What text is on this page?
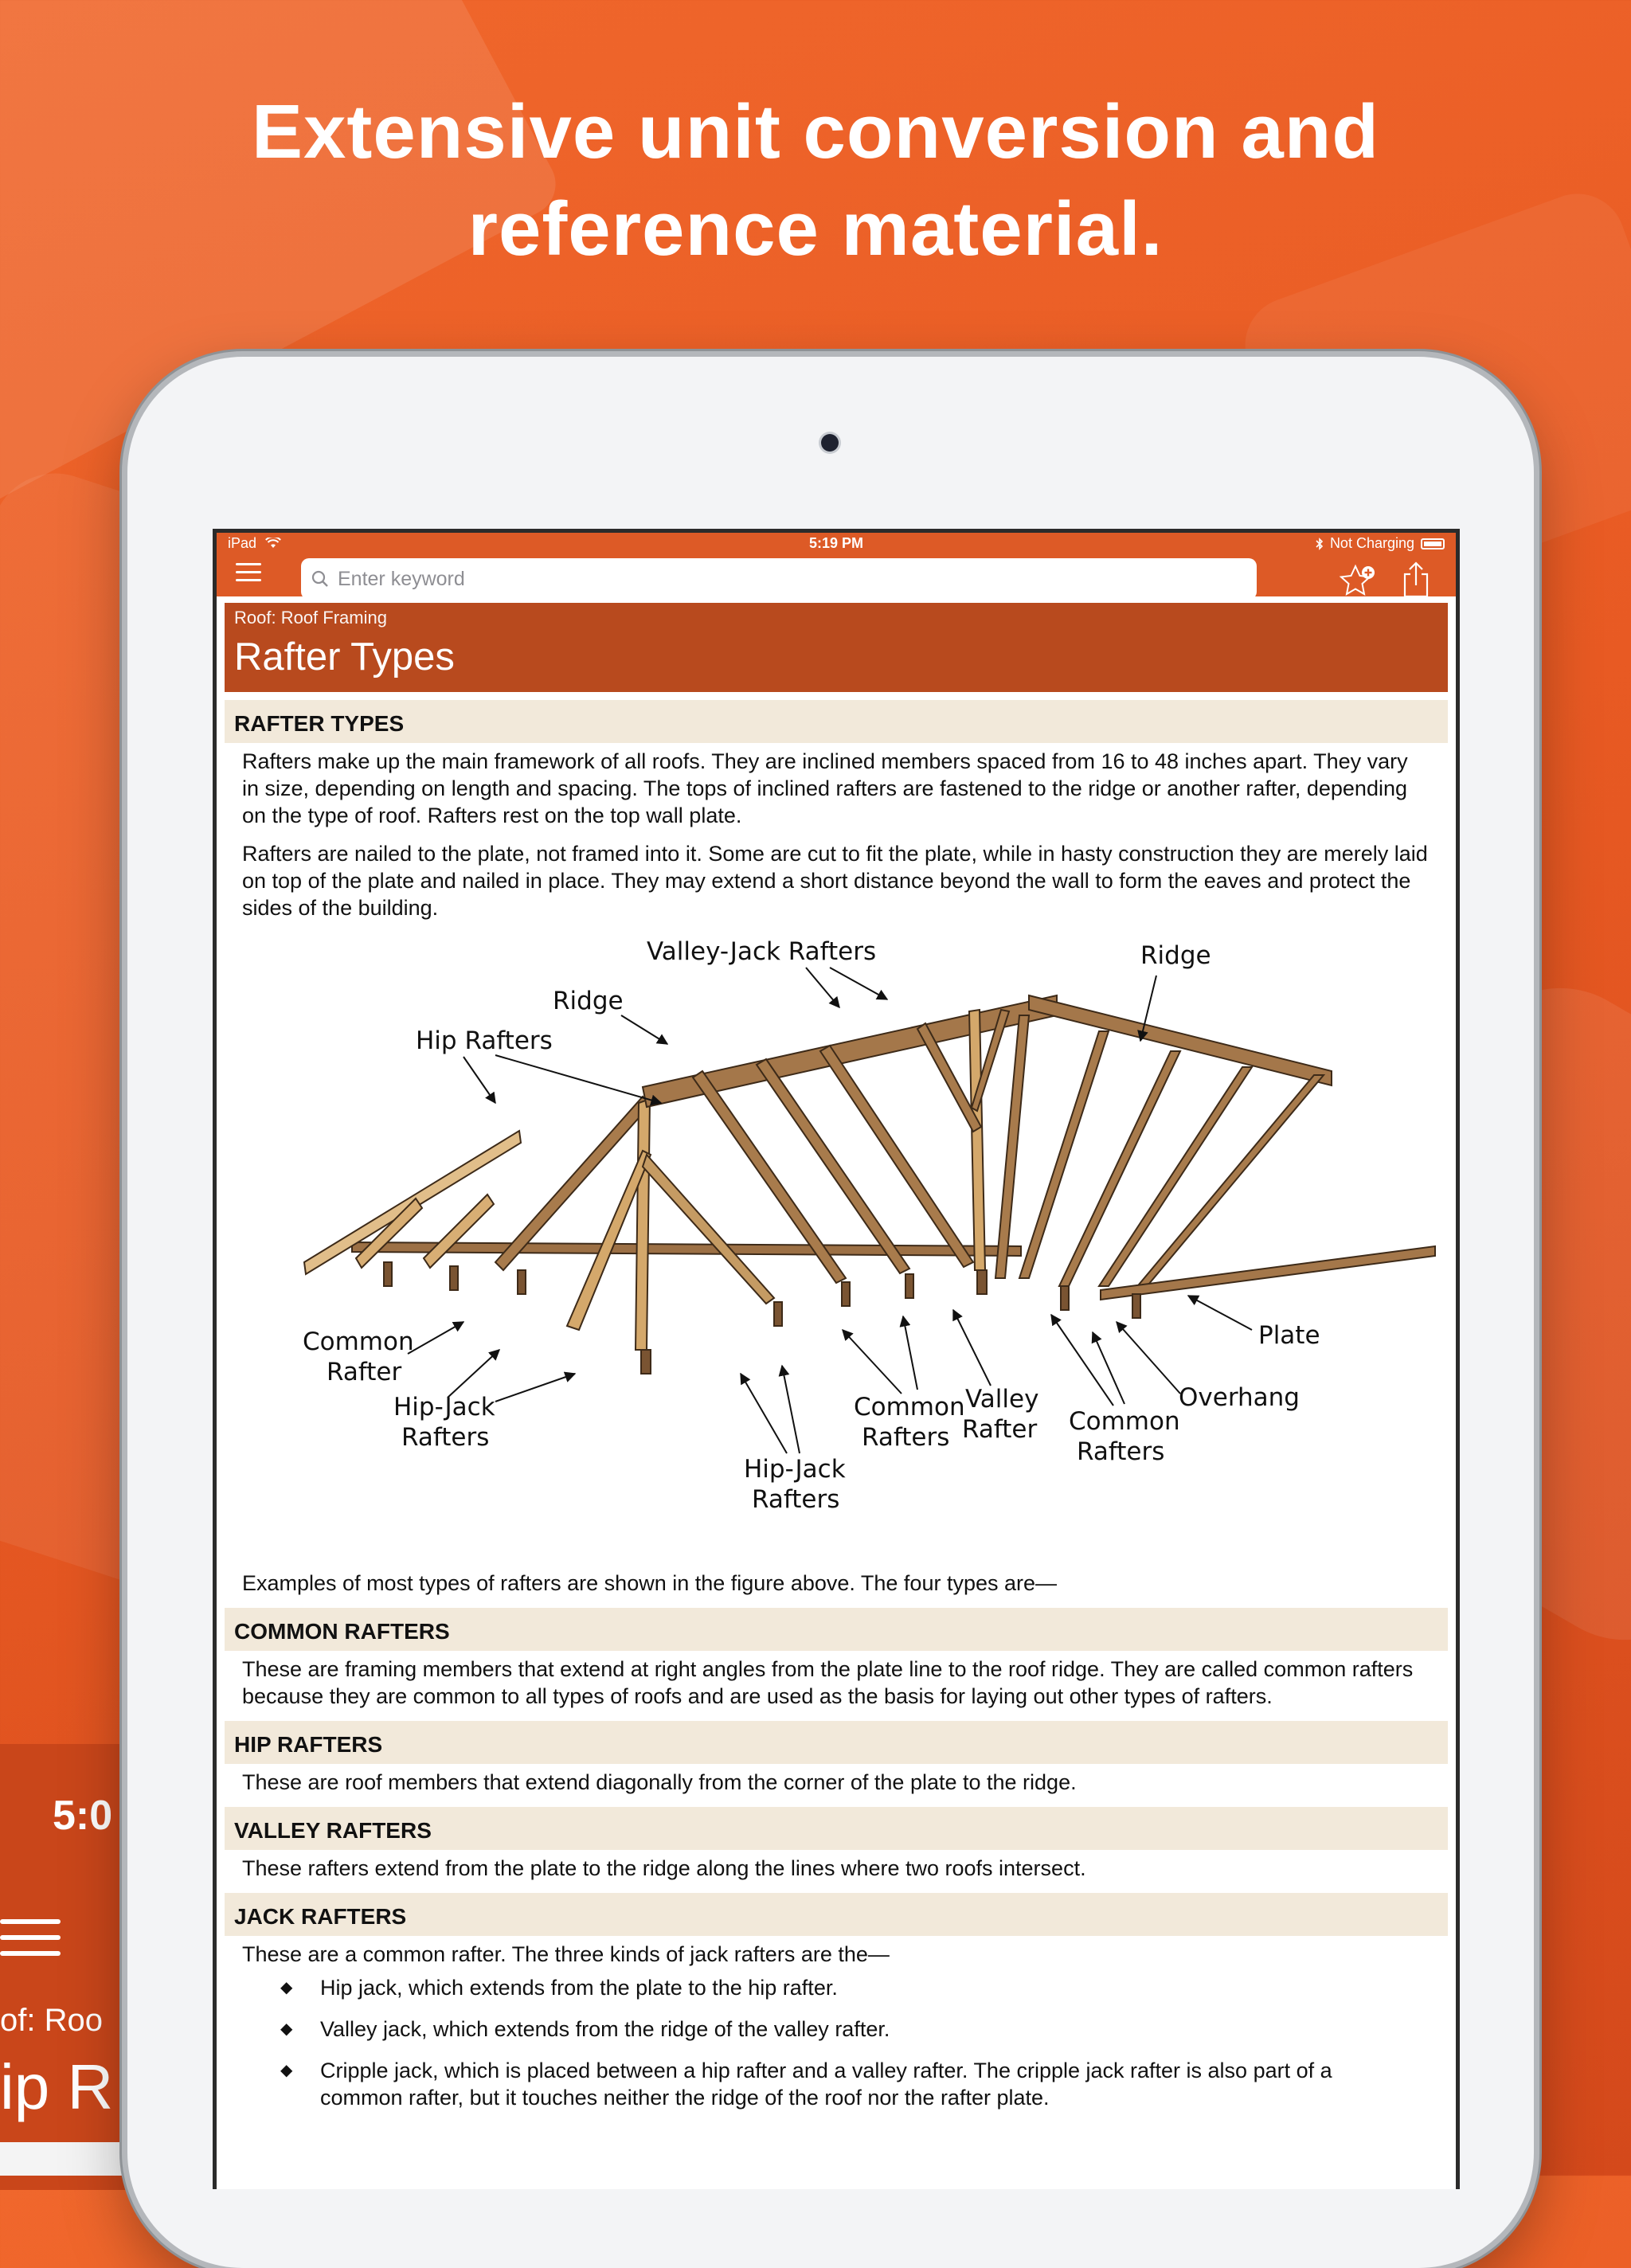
Extensive unit conversion and
reference material.
5:0
of: Roo
ip R
iPad	5:19 PM	Not Charging
Enter keyword
Roof: Roof Framing
Rafter Types
RAFTER TYPES
Rafters make up the main framework of all roofs. They are inclined members spaced from 16 to 48 inches apart. They vary in size, depending on length and spacing. The tops of inclined rafters are fastened to the ridge or another rafter, depending on the type of roof. Rafters rest on the top wall plate.
Rafters are nailed to the plate, not framed into it. Some are cut to fit the plate, while in hasty construction they are merely laid on top of the plate and nailed in place. They may extend a short distance beyond the wall to form the eaves and protect the sides of the building.
Valley-Jack Rafters	Ridge
Ridge
Hip Rafters
Common
Rafter
Hip-Jack
Rafters
Hip-Jack
Rafters
Common
Rafters
Valley
Rafter Common
Rafters
Overhang
Plate
Examples of most types of rafters are shown in the figure above. The four types are—
COMMON RAFTERS
These are framing members that extend at right angles from the plate line to the roof ridge. They are called common rafters because they are common to all types of roofs and are used as the basis for laying out other types of rafters.
HIP RAFTERS
These are roof members that extend diagonally from the corner of the plate to the ridge.
VALLEY RAFTERS
These rafters extend from the plate to the ridge along the lines where two roofs intersect.
JACK RAFTERS
These are a common rafter. The three kinds of jack rafters are the—
◆ Hip jack, which extends from the plate to the hip rafter.
◆ Valley jack, which extends from the ridge of the valley rafter.
◆ Cripple jack, which is placed between a hip rafter and a valley rafter. The cripple jack rafter is also part of a common rafter, but it touches neither the ridge of the roof nor the rafter plate.
